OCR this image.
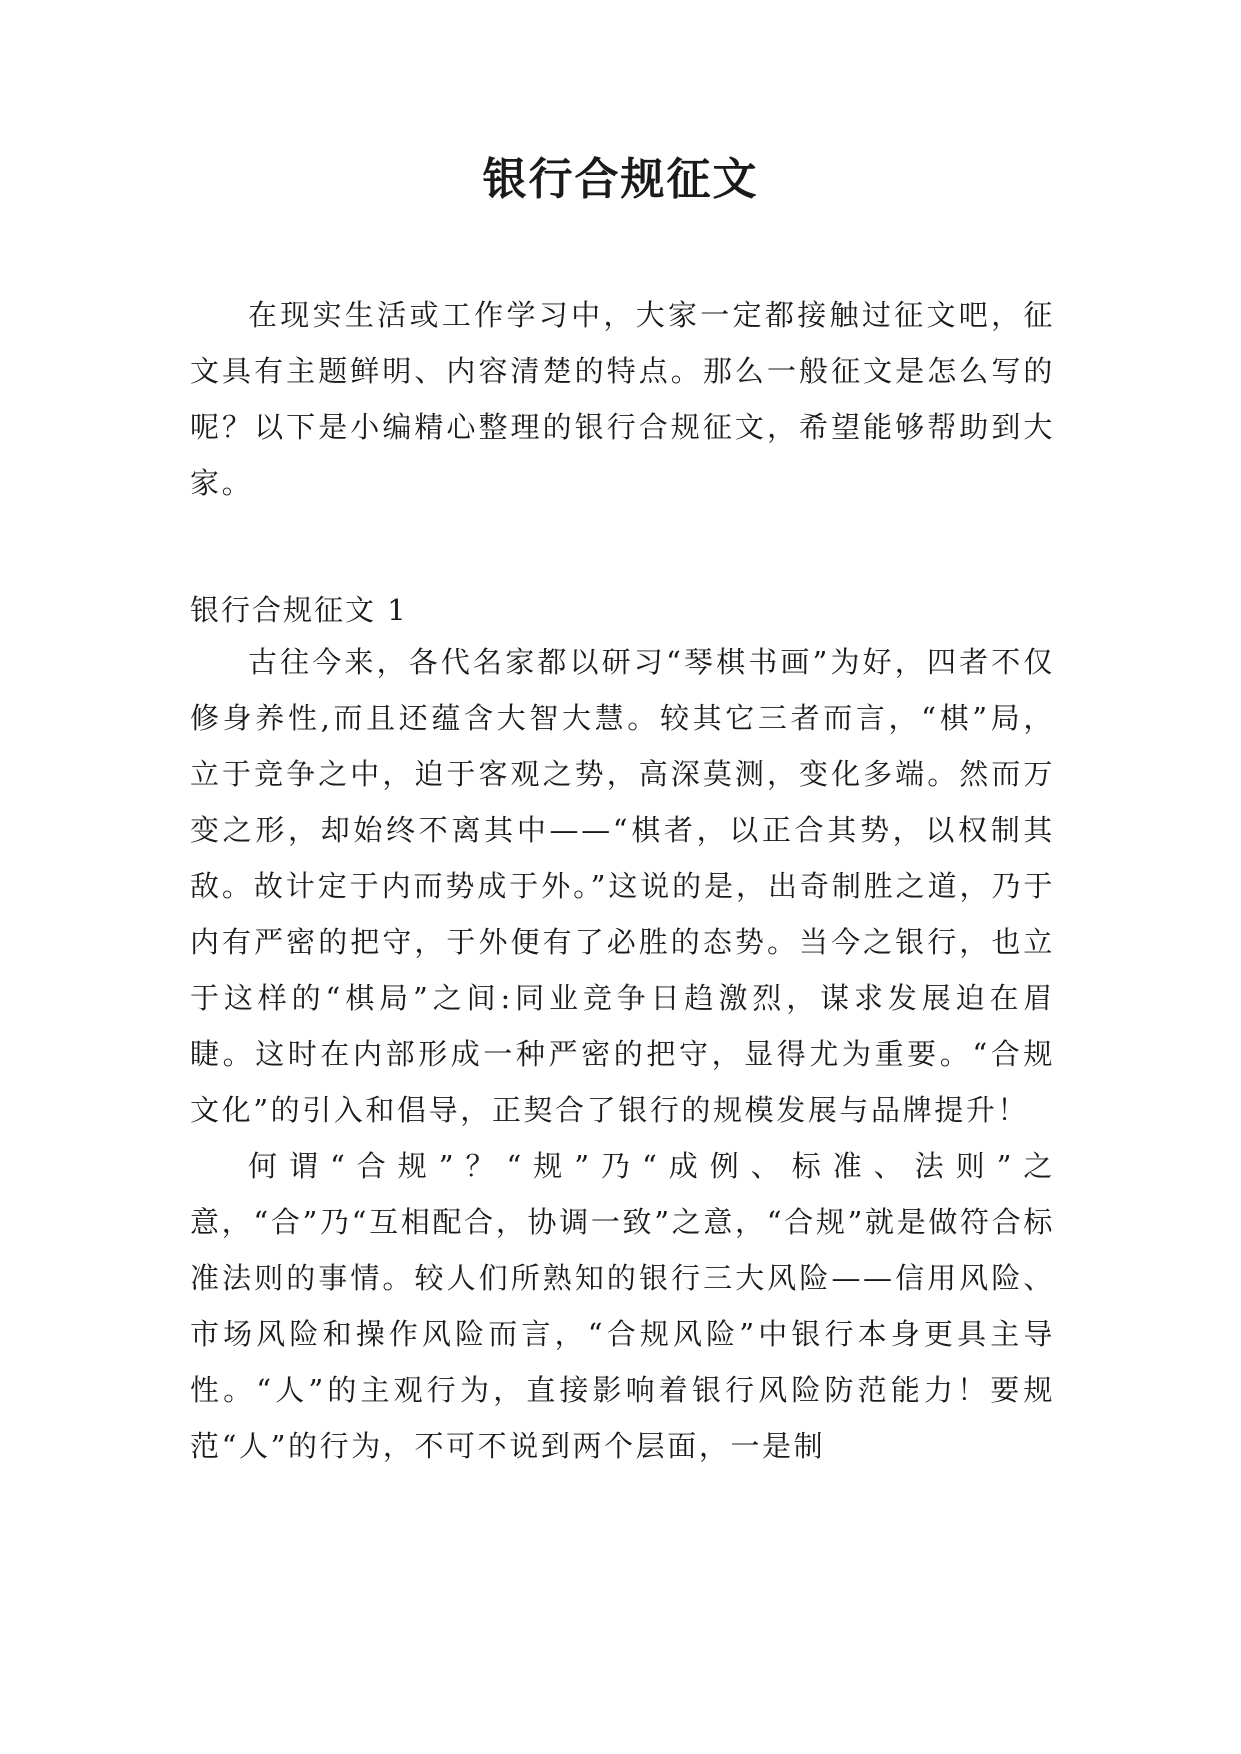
银行合规征文

在现实生活或工作学习中，大家一定都接触过征文吧，征文具有主题鲜明、内容清楚的特点。那么一般征文是怎么写的呢？以下是小编精心整理的银行合规征文，希望能够帮助到大家。

银行合规征文 1

古往今来，各代名家都以研习“琴棋书画”为好，四者不仅修身养性,而且还蕴含大智大慧。较其它三者而言，“棋”局，立于竞争之中，迫于客观之势，高深莫测，变化多端。然而万变之形，却始终不离其中——“棋者，以正合其势，以权制其敌。故计定于内而势成于外。”这说的是，出奇制胜之道，乃于内有严密的把守，于外便有了必胜的态势。当今之银行，也立于这样的“棋局”之间:同业竞争日趋激烈，谋求发展迫在眉睫。这时在内部形成一种严密的把守，显得尤为重要。“合规文化”的引入和倡导，正契合了银行的规模发展与品牌提升！

何谓“合规”？“规”乃“成例、标准、法则”之意，“合”乃“互相配合，协调一致”之意，“合规”就是做符合标准法则的事情。较人们所熟知的银行三大风险——信用风险、市场风险和操作风险而言，“合规风险”中银行本身更具主导性。“人”的主观行为，直接影响着银行风险防范能力！要规范“人”的行为，不可不说到两个层面，一是制
